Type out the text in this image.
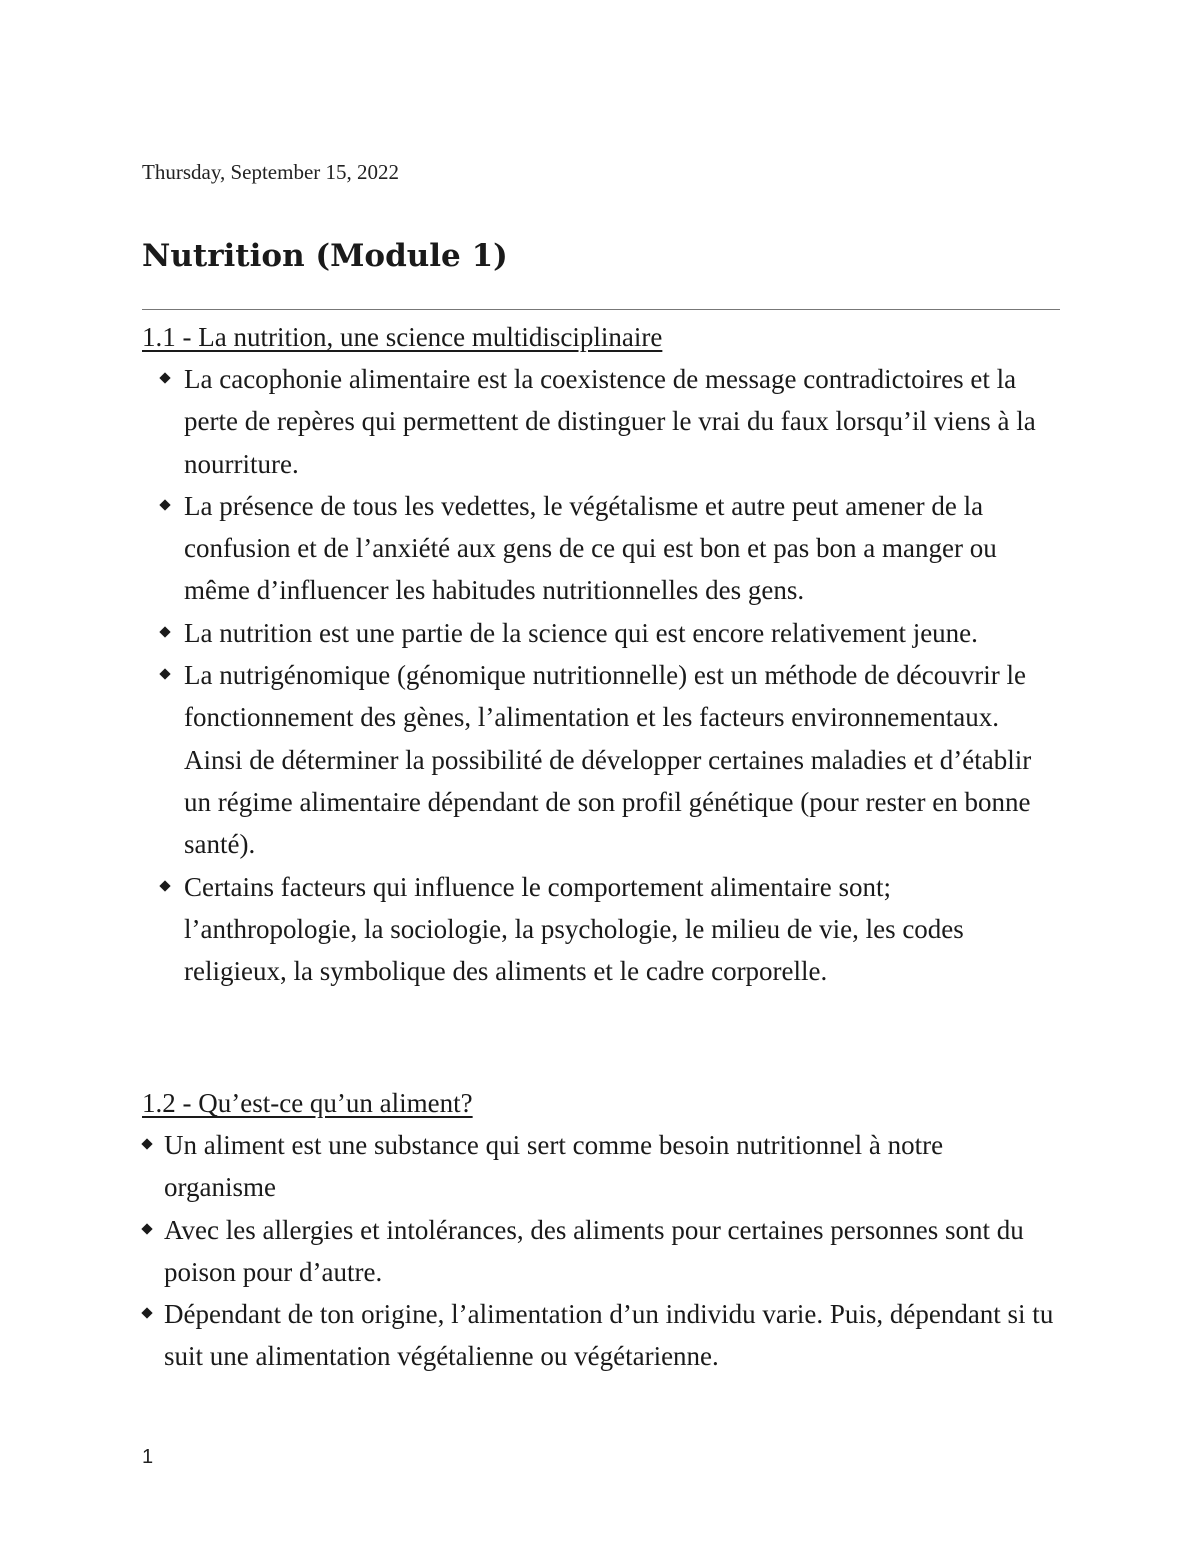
Thursday, September 15, 2022
Nutrition (Module 1)
1.1 - La nutrition, une science multidisciplinaire
La cacophonie alimentaire est la coexistence de message contradictoires et la perte de repères qui permettent de distinguer le vrai du faux lorsqu’il viens à la nourriture.
La présence de tous les vedettes, le végétalisme et autre peut amener de la confusion et de l’anxiété aux gens de ce qui est bon et pas bon a manger ou même d’influencer les habitudes nutritionnelles des gens.
La nutrition est une partie de la science qui est encore relativement jeune.
La nutrigénomique (génomique nutritionnelle) est un méthode de découvrir le fonctionnement des gènes, l’alimentation et les facteurs environnementaux. Ainsi de déterminer la possibilité de développer certaines maladies et d’établir un régime alimentaire dépendant de son profil génétique (pour rester en bonne santé).
Certains facteurs qui influence le comportement alimentaire sont; l’anthropologie, la sociologie, la psychologie, le milieu de vie, les codes religieux, la symbolique des aliments et le cadre corporelle.
1.2 - Qu’est-ce qu’un aliment?
Un aliment est une substance qui sert comme besoin nutritionnel à notre organisme
Avec les allergies et intolérances, des aliments pour certaines personnes sont du poison pour d’autre.
Dépendant de ton origine, l’alimentation d’un individu varie. Puis, dépendant si tu suit une alimentation végétalienne ou végétarienne.
1
